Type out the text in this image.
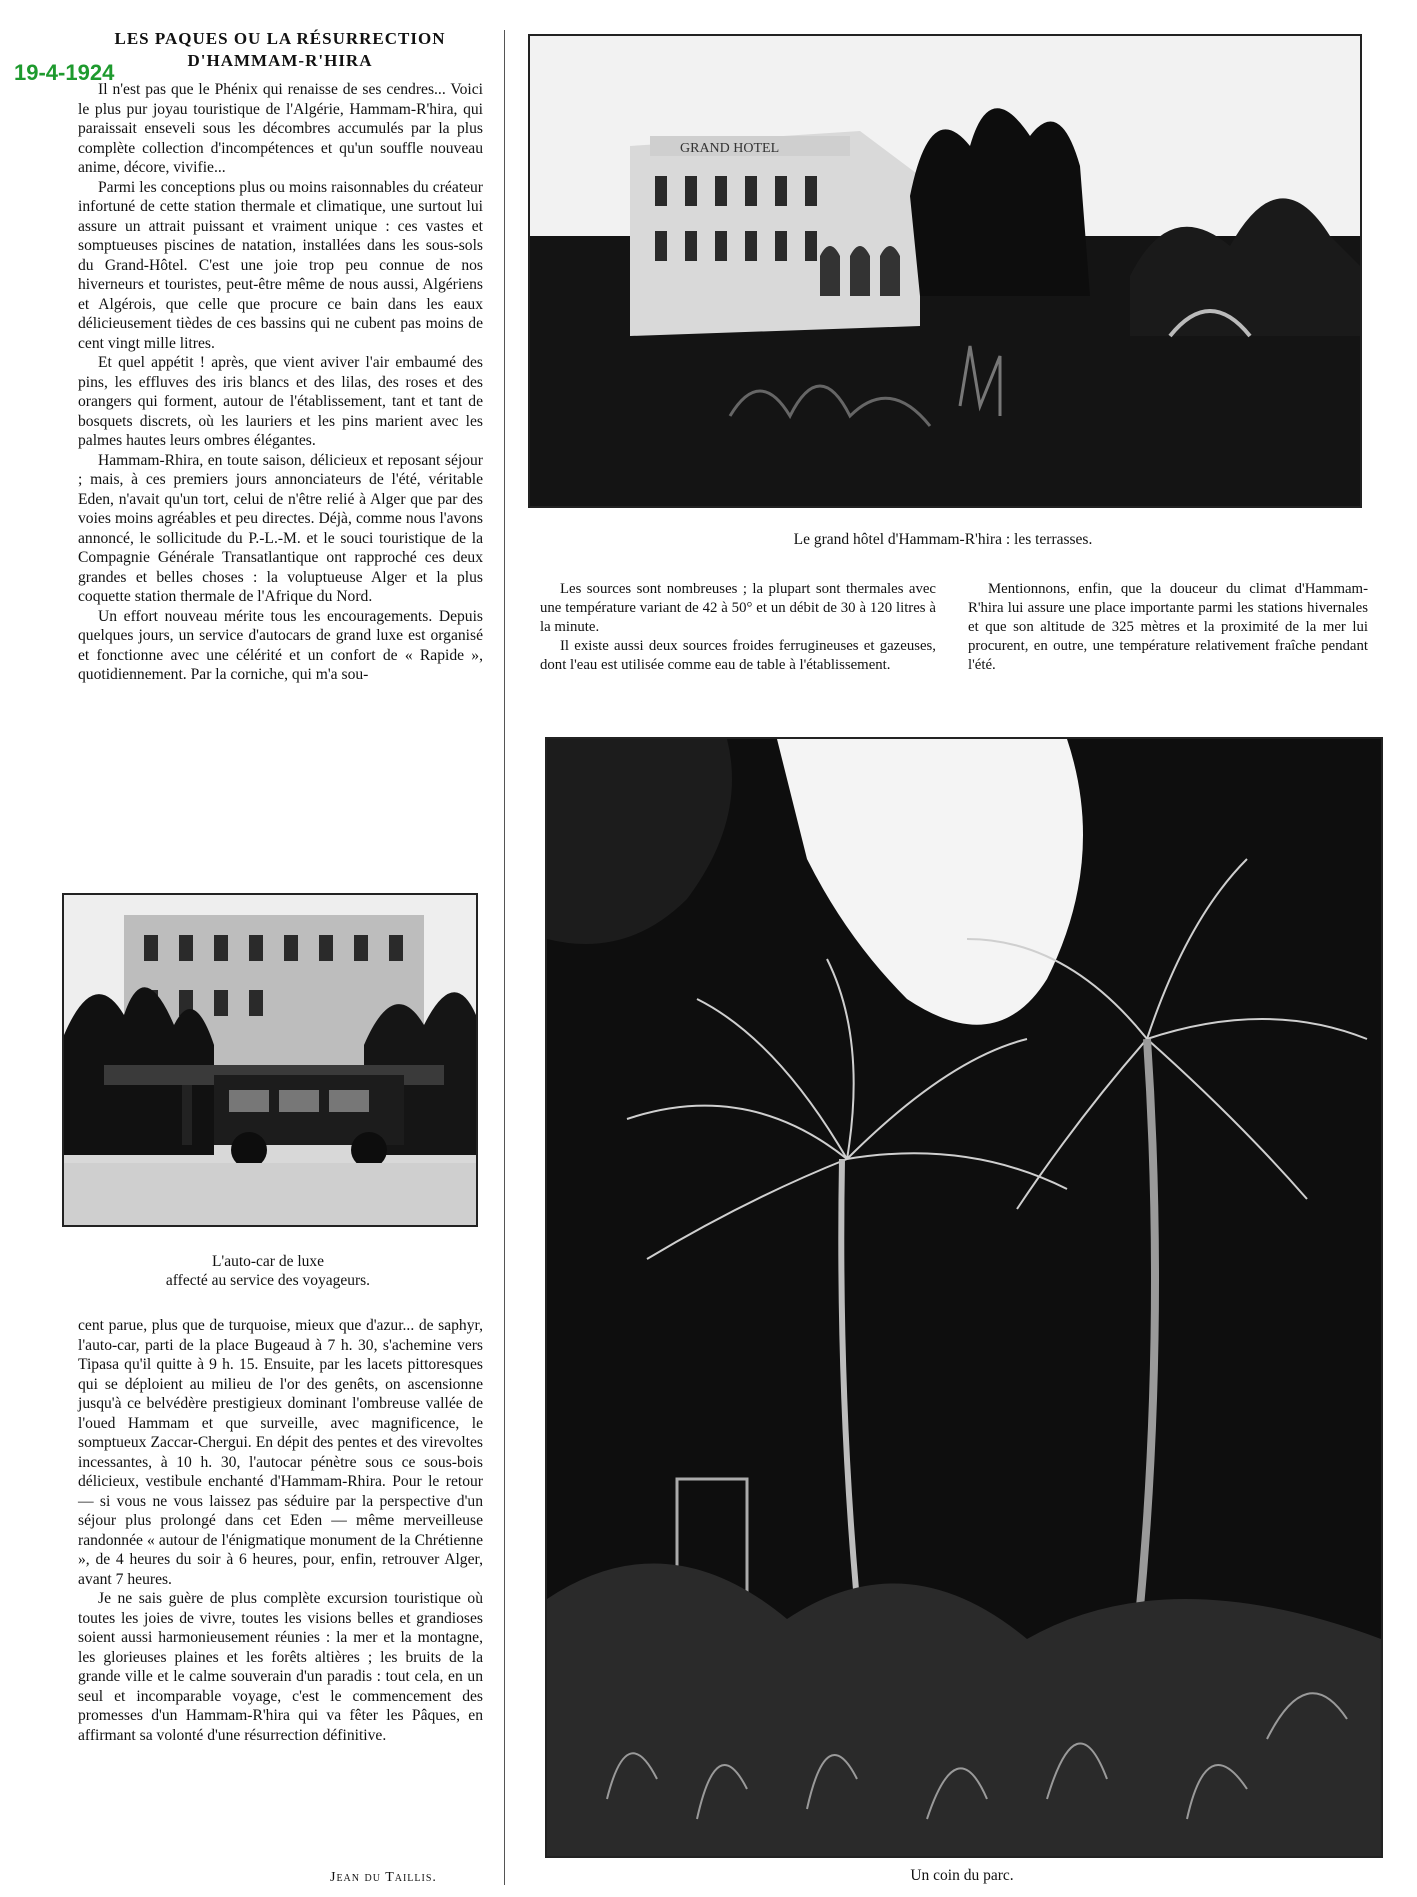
19-4-1924
LES PAQUES OU LA RÉSURRECTION
D'HAMMAM-R'HIRA

Il n'est pas que le Phénix qui renaisse de ses cendres... Voici le plus pur joyau touristique de l'Algérie, Hammam-R'hira, qui paraissait enseveli sous les décombres accumulés par la plus complète collection d'incompétences et qu'un souffle nouveau anime, décore, vivifie...

Parmi les conceptions plus ou moins raisonnables du créateur infortuné de cette station thermale et climatique, une surtout lui assure un attrait puissant et vraiment unique : ces vastes et somptueuses piscines de natation, installées dans les sous-sols du Grand-Hôtel. C'est une joie trop peu connue de nos hiverneurs et touristes, peut-être même de nous aussi, Algériens et Algérois, que celle que procure ce bain dans les eaux délicieusement tièdes de ces bassins qui ne cubent pas moins de cent vingt mille litres.

Et quel appétit ! après, que vient aviver l'air embaumé des pins, les effluves des iris blancs et des lilas, des roses et des orangers qui forment, autour de l'établissement, tant et tant de bosquets discrets, où les lauriers et les pins marient avec les palmes hautes leurs ombres élégantes.

Hammam-Rhira, en toute saison, délicieux et reposant séjour ; mais, à ces premiers jours annonciateurs de l'été, véritable Eden, n'avait qu'un tort, celui de n'être relié à Alger que par des voies moins agréables et peu directes. Déjà, comme nous l'avons annoncé, le sollicitude du P.-L.-M. et le souci touristique de la Compagnie Générale Transatlantique ont rapproché ces deux grandes et belles choses : la voluptueuse Alger et la plus coquette station thermale de l'Afrique du Nord.

Un effort nouveau mérite tous les encouragements. Depuis quelques jours, un service d'autocars de grand luxe est organisé et fonctionne avec une célérité et un confort de « Rapide », quotidiennement. Par la corniche, qui m'a sou-

L'auto-car de luxe
affecté au service des voyageurs.

cent parue, plus que de turquoise, mieux que d'azur... de saphyr, l'auto-car, parti de la place Bugeaud à 7 h. 30, s'achemine vers Tipasa qu'il quitte à 9 h. 15. Ensuite, par les lacets pittoresques qui se déploient au milieu de l'or des genêts, on ascensionne jusqu'à ce belvédère prestigieux dominant l'ombreuse vallée de l'oued Hammam et que surveille, avec magnificence, le somptueux Zaccar-Chergui. En dépit des pentes et des virevoltes incessantes, à 10 h. 30, l'autocar pénètre sous ce sous-bois délicieux, vestibule enchanté d'Hammam-Rhira. Pour le retour — si vous ne vous laissez pas séduire par la perspective d'un séjour plus prolongé dans cet Eden — même merveilleuse randonnée « autour de l'énigmatique monument de la Chrétienne », de 4 heures du soir à 6 heures, pour, enfin, retrouver Alger, avant 7 heures.

Je ne sais guère de plus complète excursion touristique où toutes les joies de vivre, toutes les visions belles et grandioses soient aussi harmonieusement réunies : la mer et la montagne, les glorieuses plaines et les forêts altières ; les bruits de la grande ville et le calme souverain d'un paradis : tout cela, en un seul et incomparable voyage, c'est le commencement des promesses d'un Hammam-R'hira qui va fêter les Pâques, en affirmant sa volonté d'une résurrection définitive.

Jean du Taillis.
GRAND HOTEL
Le grand hôtel d'Hammam-R'hira : les terrasses.

Les sources sont nombreuses ; la plupart sont thermales avec une température variant de 42 à 50° et un débit de 30 à 120 litres à la minute.

Il existe aussi deux sources froides ferrugineuses et gazeuses, dont l'eau est utilisée comme eau de table à l'établissement.

Mentionnons, enfin, que la douceur du climat d'Hammam-R'hira lui assure une place importante parmi les stations hivernales et que son altitude de 325 mètres et la proximité de la mer lui procurent, en outre, une température relativement fraîche pendant l'été.

Un coin du parc.
